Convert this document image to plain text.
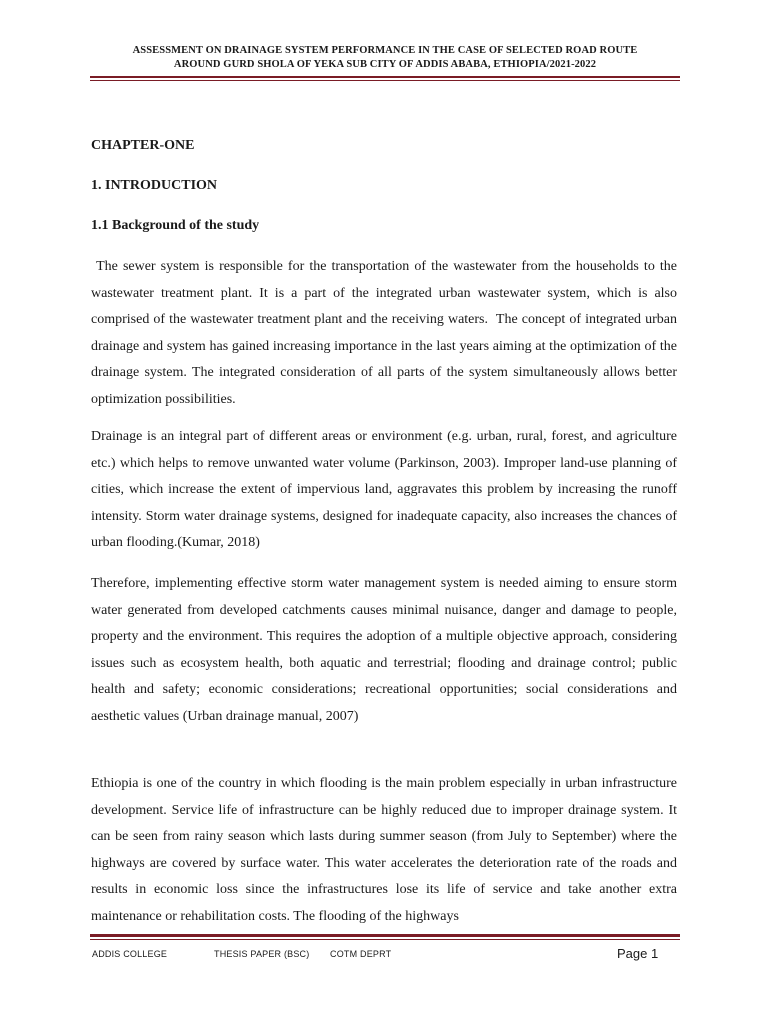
ASSESSMENT ON DRAINAGE SYSTEM PERFORMANCE IN THE CASE OF SELECTED ROAD ROUTE
AROUND GURD SHOLA OF YEKA SUB CITY OF ADDIS ABABA, ETHIOPIA/2021-2022
CHAPTER-ONE
1. INTRODUCTION
1.1 Background of the study
The sewer system is responsible for the transportation of the wastewater from the households to the wastewater treatment plant. It is a part of the integrated urban wastewater system, which is also comprised of the wastewater treatment plant and the receiving waters.  The concept of integrated urban drainage and system has gained increasing importance in the last years aiming at the optimization of the drainage system. The integrated consideration of all parts of the system simultaneously allows better optimization possibilities.
Drainage is an integral part of different areas or environment (e.g. urban, rural, forest, and agriculture etc.) which helps to remove unwanted water volume (Parkinson, 2003). Improper land-use planning of cities, which increase the extent of impervious land, aggravates this problem by increasing the runoff intensity. Storm water drainage systems, designed for inadequate capacity, also increases the chances of urban flooding.(Kumar, 2018)
Therefore, implementing effective storm water management system is needed aiming to ensure storm water generated from developed catchments causes minimal nuisance, danger and damage to people, property and the environment. This requires the adoption of a multiple objective approach, considering issues such as ecosystem health, both aquatic and terrestrial; flooding and drainage control; public health and safety; economic considerations; recreational opportunities; social considerations and aesthetic values (Urban drainage manual, 2007)
Ethiopia is one of the country in which flooding is the main problem especially in urban infrastructure development. Service life of infrastructure can be highly reduced due to improper drainage system. It can be seen from rainy season which lasts during summer season (from July to September) where the highways are covered by surface water. This water accelerates the deterioration rate of the roads and results in economic loss since the infrastructures lose its life of service and take another extra maintenance or rehabilitation costs. The flooding of the highways
ADDIS COLLEGE	THESIS PAPER (BSC) COTM DEPRT	Page 1
